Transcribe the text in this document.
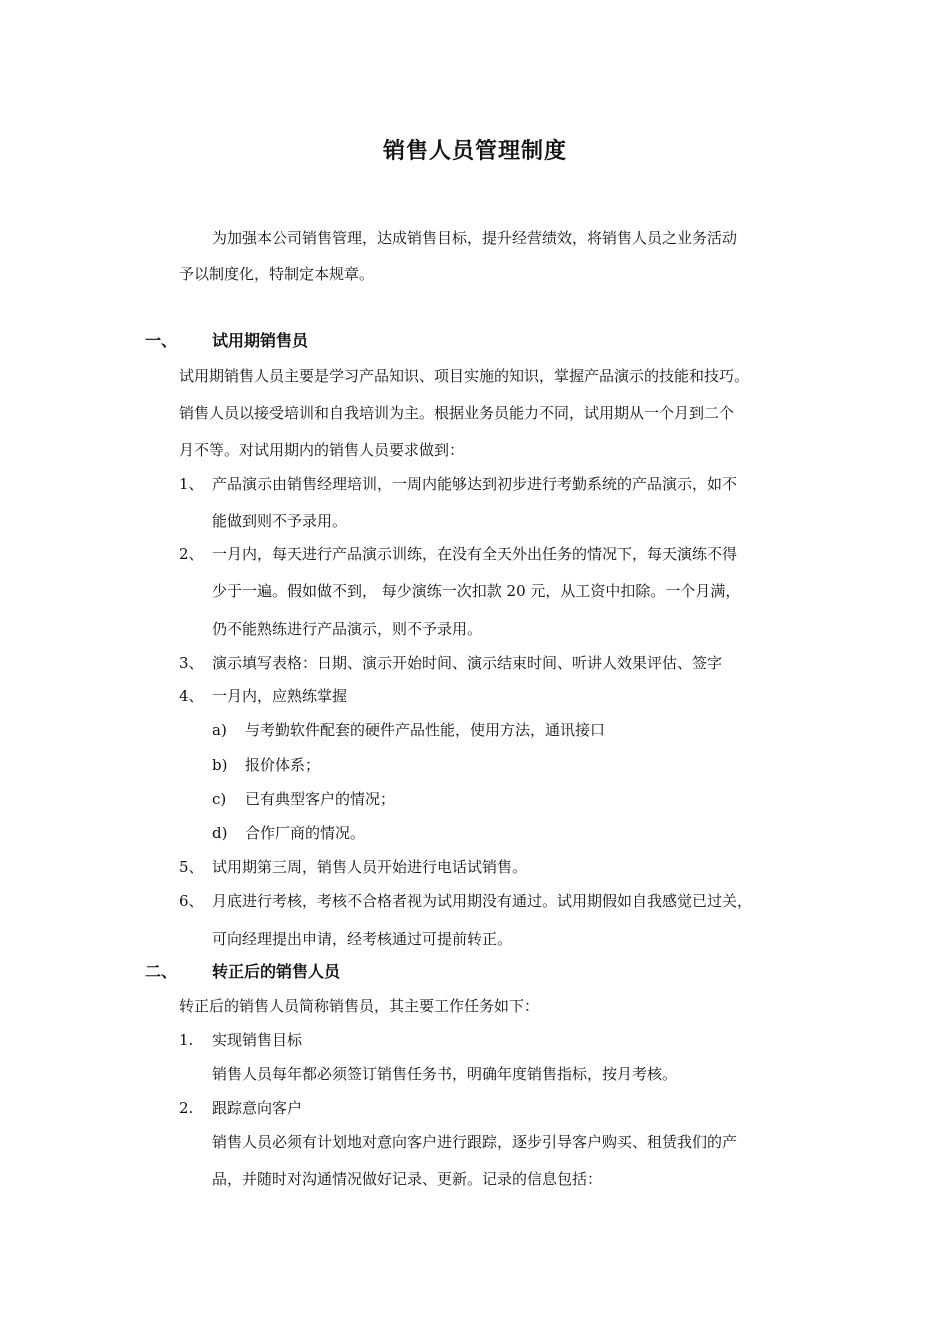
销售人员管理制度
为加强本公司销售管理，达成销售目标，提升经营绩效，将销售人员之业务活动
予以制度化，特制定本规章。
一、 试用期销售员
试用期销售人员主要是学习产品知识、项目实施的知识，掌握产品演示的技能和技巧。
销售人员以接受培训和自我培训为主。根据业务员能力不同，试用期从一个月到二个
月不等。对试用期内的销售人员要求做到：
1、 产品演示由销售经理培训，一周内能够达到初步进行考勤系统的产品演示，如不
能做到则不予录用。
2、 一月内，每天进行产品演示训练，在没有全天外出任务的情况下，每天演练不得
少于一遍。假如做不到， 每少演练一次扣款 20 元，从工资中扣除。一个月满，
仍不能熟练进行产品演示，则不予录用。
3、 演示填写表格：日期、演示开始时间、演示结束时间、听讲人效果评估、签字
4、 一月内，应熟练掌握
a) 与考勤软件配套的硬件产品性能，使用方法，通讯接口
b) 报价体系；
c) 已有典型客户的情况；
d) 合作厂商的情况。
5、 试用期第三周，销售人员开始进行电话试销售。
6、 月底进行考核，考核不合格者视为试用期没有通过。试用期假如自我感觉已过关，
可向经理提出申请，经考核通过可提前转正。
二、 转正后的销售人员
转正后的销售人员简称销售员，其主要工作任务如下：
1. 实现销售目标
销售人员每年都必须签订销售任务书，明确年度销售指标，按月考核。
2. 跟踪意向客户
销售人员必须有计划地对意向客户进行跟踪，逐步引导客户购买、租赁我们的产
品，并随时对沟通情况做好记录、更新。记录的信息包括：
